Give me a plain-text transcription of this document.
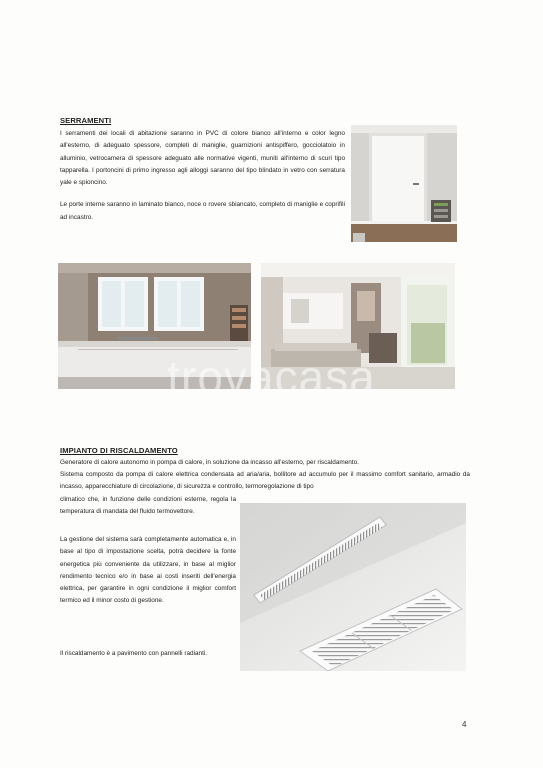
SERRAMENTI

I serramenti dei locali di abitazione saranno in PVC di colore bianco all'interno e color legno all'esterno, di adeguato spessore, completi di maniglie, guarnizioni antispiffero, gocciolatoio in alluminio, vetrocamera di spessore adeguato alle normative vigenti, muniti all'interno di scuri tipo tapparella. I portoncini di primo ingresso agli alloggi saranno del tipo blindato in vetro con serratura yale e spioncino.

Le porte interne saranno in laminato bianco, noce o rovere sbiancato, completo di maniglie e coprifili ad incastro.

IMPIANTO DI RISCALDAMENTO
Generatore di calore autonomo in pompa di calore, in soluzione da incasso all'esterno, per riscaldamento.
Sistema composto da pompa di calore elettrica condensata ad aria/aria, bollitore ad accumulo per il massimo comfort sanitario, armadio da incasso, apparecchiature di circolazione, di sicurezza e controllo, termoregolazione di tipo
climatico che, in funzione delle condizioni esterne, regola la temperatura di mandata del fluido termovettore.
La gestione del sistema sarà completamente automatica e, in base al tipo di impostazione scelta, potrà decidere la fonte energetica più conveniente da utilizzare, in base al miglior rendimento tecnico e/o in base ai costi inseriti dell'energia elettrica, per garantire in ogni condizione il miglior comfort termico ed il minor costo di gestione.
Il riscaldamento è a pavimento con pannelli radianti.
trovacasa
4
